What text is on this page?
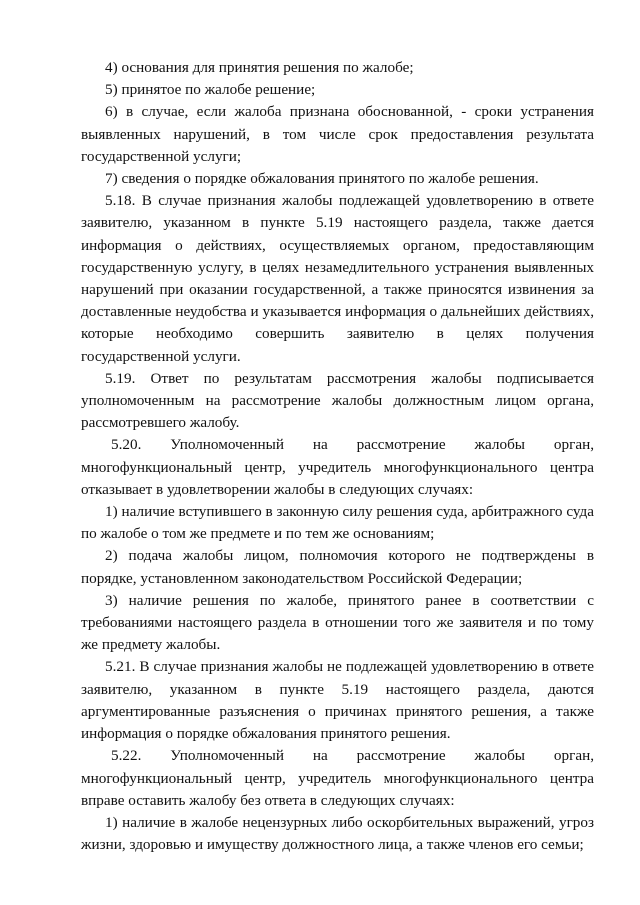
4) основания для принятия решения по жалобе;

5) принятое по жалобе решение;

6) в случае, если жалоба признана обоснованной, - сроки устранения выявленных нарушений, в том числе срок предоставления результата государственной услуги;

7) сведения о порядке обжалования принятого по жалобе решения.

5.18. В случае признания жалобы подлежащей удовлетворению в ответе заявителю, указанном в пункте 5.19 настоящего раздела, также дается информация о действиях, осуществляемых органом, предоставляющим государственную услугу, в целях незамедлительного устранения выявленных нарушений при оказании государственной, а также приносятся извинения за доставленные неудобства и указывается информация о дальнейших действиях, которые необходимо совершить заявителю в целях получения государственной услуги.

5.19. Ответ по результатам рассмотрения жалобы подписывается уполномоченным на рассмотрение жалобы должностным лицом органа, рассмотревшего жалобу.

5.20. Уполномоченный на рассмотрение жалобы орган, многофункциональный центр, учредитель многофункционального центра отказывает в удовлетворении жалобы в следующих случаях:

1) наличие вступившего в законную силу решения суда, арбитражного суда по жалобе о том же предмете и по тем же основаниям;

2) подача жалобы лицом, полномочия которого не подтверждены в порядке, установленном законодательством Российской Федерации;

3) наличие решения по жалобе, принятого ранее в соответствии с требованиями настоящего раздела в отношении того же заявителя и по тому же предмету жалобы.

5.21. В случае признания жалобы не подлежащей удовлетворению в ответе заявителю, указанном в пункте 5.19 настоящего раздела, даются аргументированные разъяснения о причинах принятого решения, а также информация о порядке обжалования принятого решения.

5.22. Уполномоченный на рассмотрение жалобы орган, многофункциональный центр, учредитель многофункционального центра вправе оставить жалобу без ответа в следующих случаях:

1) наличие в жалобе нецензурных либо оскорбительных выражений, угроз жизни, здоровью и имуществу должностного лица, а также членов его семьи;
